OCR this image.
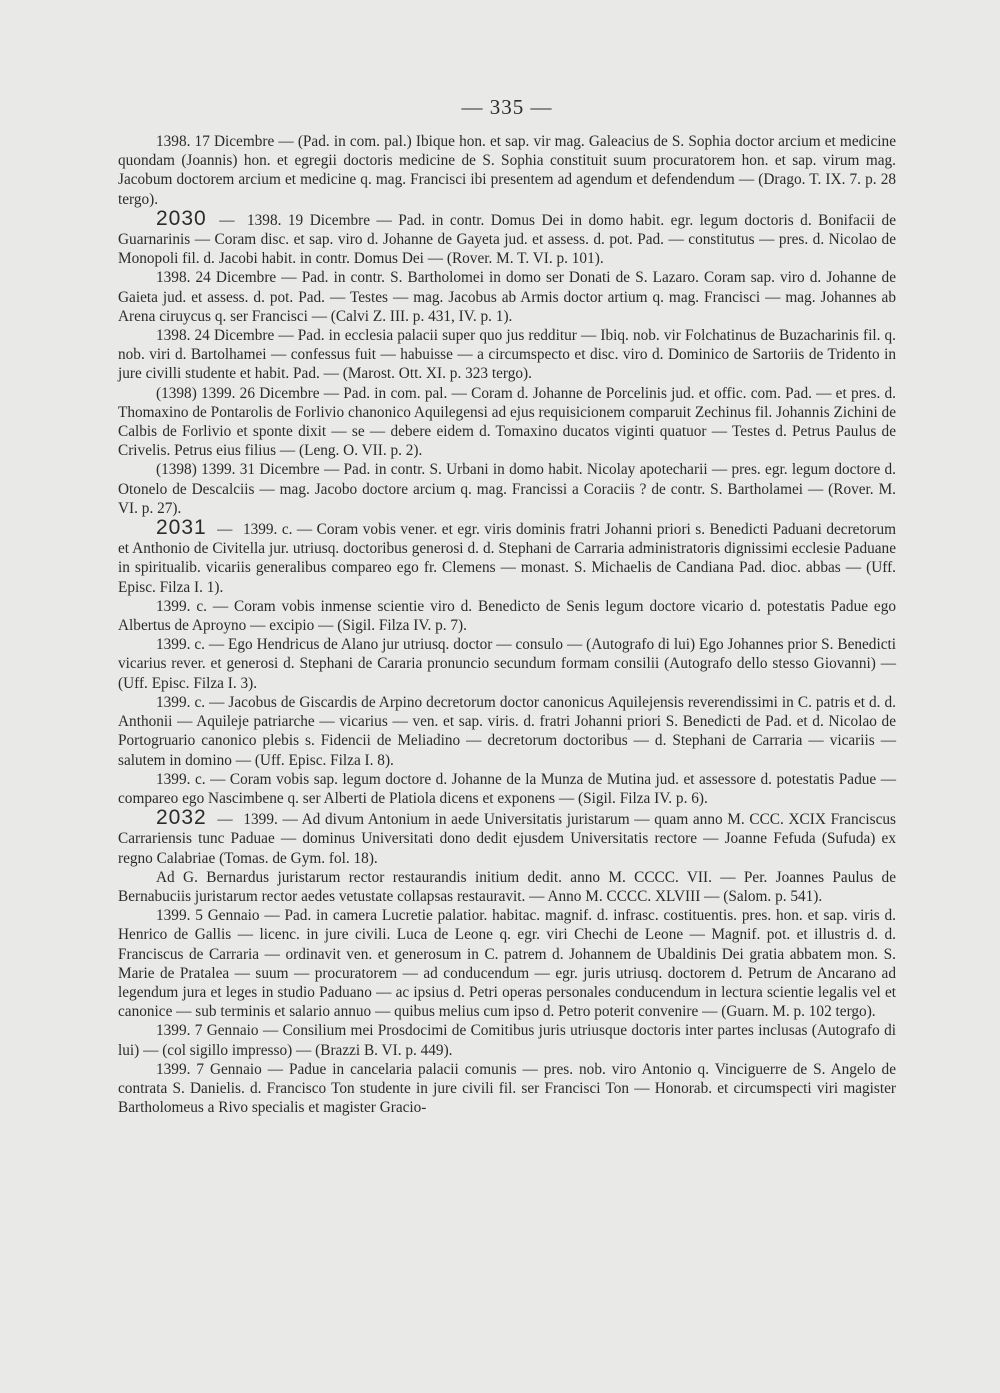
— 335 —

1398. 17 Dicembre — (Pad. in com. pal.) Ibique hon. et sap. vir mag. Galeacius de S. Sophia doctor arcium et medicine quondam (Joannis) hon. et egregii doctoris medicine de S. Sophia constituit suum procuratorem hon. et sap. virum mag. Jacobum doctorem arcium et medicine q. mag. Francisci ibi presentem ad agendum et defendendum — (Drago. T. IX. 7. p. 28 tergo).

2030 — 1398. 19 Dicembre — Pad. in contr. Domus Dei in domo habit. egr. legum doctoris d. Bonifacii de Guarnarinis — Coram disc. et sap. viro d. Johanne de Gayeta jud. et assess. d. pot. Pad. — constitutus — pres. d. Nicolao de Monopoli fil. d. Jacobi habit. in contr. Domus Dei — (Rover. M. T. VI. p. 101).

1398. 24 Dicembre — Pad. in contr. S. Bartholomei in domo ser Donati de S. Lazaro. Coram sap. viro d. Johanne de Gaieta jud. et assess. d. pot. Pad. — Testes — mag. Jacobus ab Armis doctor artium q. mag. Francisci — mag. Johannes ab Arena ciruycus q. ser Francisci — (Calvi Z. III. p. 431, IV. p. 1).

1398. 24 Dicembre — Pad. in ecclesia palacii super quo jus redditur — Ibiq. nob. vir Folchatinus de Buzacharinis fil. q. nob. viri d. Bartolhamei — confessus fuit — habuisse — a circumspecto et disc. viro d. Dominico de Sartoriis de Tridento in jure civilli studente et habit. Pad. — (Marost. Ott. XI. p. 323 tergo).

(1398) 1399. 26 Dicembre — Pad. in com. pal. — Coram d. Johanne de Porcelinis jud. et offic. com. Pad. — et pres. d. Thomaxino de Pontarolis de Forlivio chanonico Aquilegensi ad ejus requisicionem comparuit Zechinus fil. Johannis Zichini de Calbis de Forlivio et sponte dixit — se — debere eidem d. Tomaxino ducatos viginti quatuor — Testes d. Petrus Paulus de Crivelis. Petrus eius filius — (Leng. O. VII. p. 2).

(1398) 1399. 31 Dicembre — Pad. in contr. S. Urbani in domo habit. Nicolay apotecharii — pres. egr. legum doctore d. Otonelo de Descalciis — mag. Jacobo doctore arcium q. mag. Francissi a Coraciis ? de contr. S. Bartholamei — (Rover. M. VI. p. 27).

2031 — 1399. c. — Coram vobis vener. et egr. viris dominis fratri Johanni priori s. Benedicti Paduani decretorum et Anthonio de Civitella jur. utriusq. doctoribus generosi d. d. Stephani de Carraria administratoris dignissimi ecclesie Paduane in spiritualib. vicariis generalibus compareo ego fr. Clemens — monast. S. Michaelis de Candiana Pad. dioc. abbas — (Uff. Episc. Filza I. 1).

1399. c. — Coram vobis inmense scientie viro d. Benedicto de Senis legum doctore vicario d. potestatis Padue ego Albertus de Aproyno — excipio — (Sigil. Filza IV. p. 7).

1399. c. — Ego Hendricus de Alano jur utriusq. doctor — consulo — (Autografo di lui) Ego Johannes prior S. Benedicti vicarius rever. et generosi d. Stephani de Cararia pronuncio secundum formam consilii (Autografo dello stesso Giovanni) — (Uff. Episc. Filza I. 3).

1399. c. — Jacobus de Giscardis de Arpino decretorum doctor canonicus Aquilejensis reverendissimi in C. patris et d. d. Anthonii — Aquileje patriarche — vicarius — ven. et sap. viris. d. fratri Johanni priori S. Benedicti de Pad. et d. Nicolao de Portogruario canonico plebis s. Fidencii de Meliadino — decretorum doctoribus — d. Stephani de Carraria — vicariis — salutem in domino — (Uff. Episc. Filza I. 8).

1399. c. — Coram vobis sap. legum doctore d. Johanne de la Munza de Mutina jud. et assessore d. potestatis Padue — compareo ego Nascimbene q. ser Alberti de Platiola dicens et exponens — (Sigil. Filza IV. p. 6).

2032 — 1399. — Ad divum Antonium in aede Universitatis juristarum — quam anno M. CCC. XCIX Franciscus Carrariensis tunc Paduae — dominus Universitati dono dedit ejusdem Universitatis rectore — Joanne Fefuda (Sufuda) ex regno Calabriae (Tomas. de Gym. fol. 18).

Ad G. Bernardus juristarum rector restaurandis initium dedit. anno M. CCCC. VII. — Per. Joannes Paulus de Bernabuciis juristarum rector aedes vetustate collapsas restauravit. — Anno M. CCCC. XLVIII — (Salom. p. 541).

1399. 5 Gennaio — Pad. in camera Lucretie palatior. habitac. magnif. d. infrasc. costituentis. pres. hon. et sap. viris d. Henrico de Gallis — licenc. in jure civili. Luca de Leone q. egr. viri Chechi de Leone — Magnif. pot. et illustris d. d. Franciscus de Carraria — ordinavit ven. et generosum in C. patrem d. Johannem de Ubaldinis Dei gratia abbatem mon. S. Marie de Pratalea — suum — procuratorem — ad conducendum — egr. juris utriusq. doctorem d. Petrum de Ancarano ad legendum jura et leges in studio Paduano — ac ipsius d. Petri operas personales conducendum in lectura scientie legalis vel et canonice — sub terminis et salario annuo — quibus melius cum ipso d. Petro poterit convenire — (Guarn. M. p. 102 tergo).

1399. 7 Gennaio — Consilium mei Prosdocimi de Comitibus juris utriusque doctoris inter partes inclusas (Autografo di lui) — (col sigillo impresso) — (Brazzi B. VI. p. 449).

1399. 7 Gennaio — Padue in cancelaria palacii comunis — pres. nob. viro Antonio q. Vinciguerre de S. Angelo de contrata S. Danielis. d. Francisco Ton studente in jure civili fil. ser Francisci Ton — Honorab. et circumspecti viri magister Bartholomeus a Rivo specialis et magister Gracio-
